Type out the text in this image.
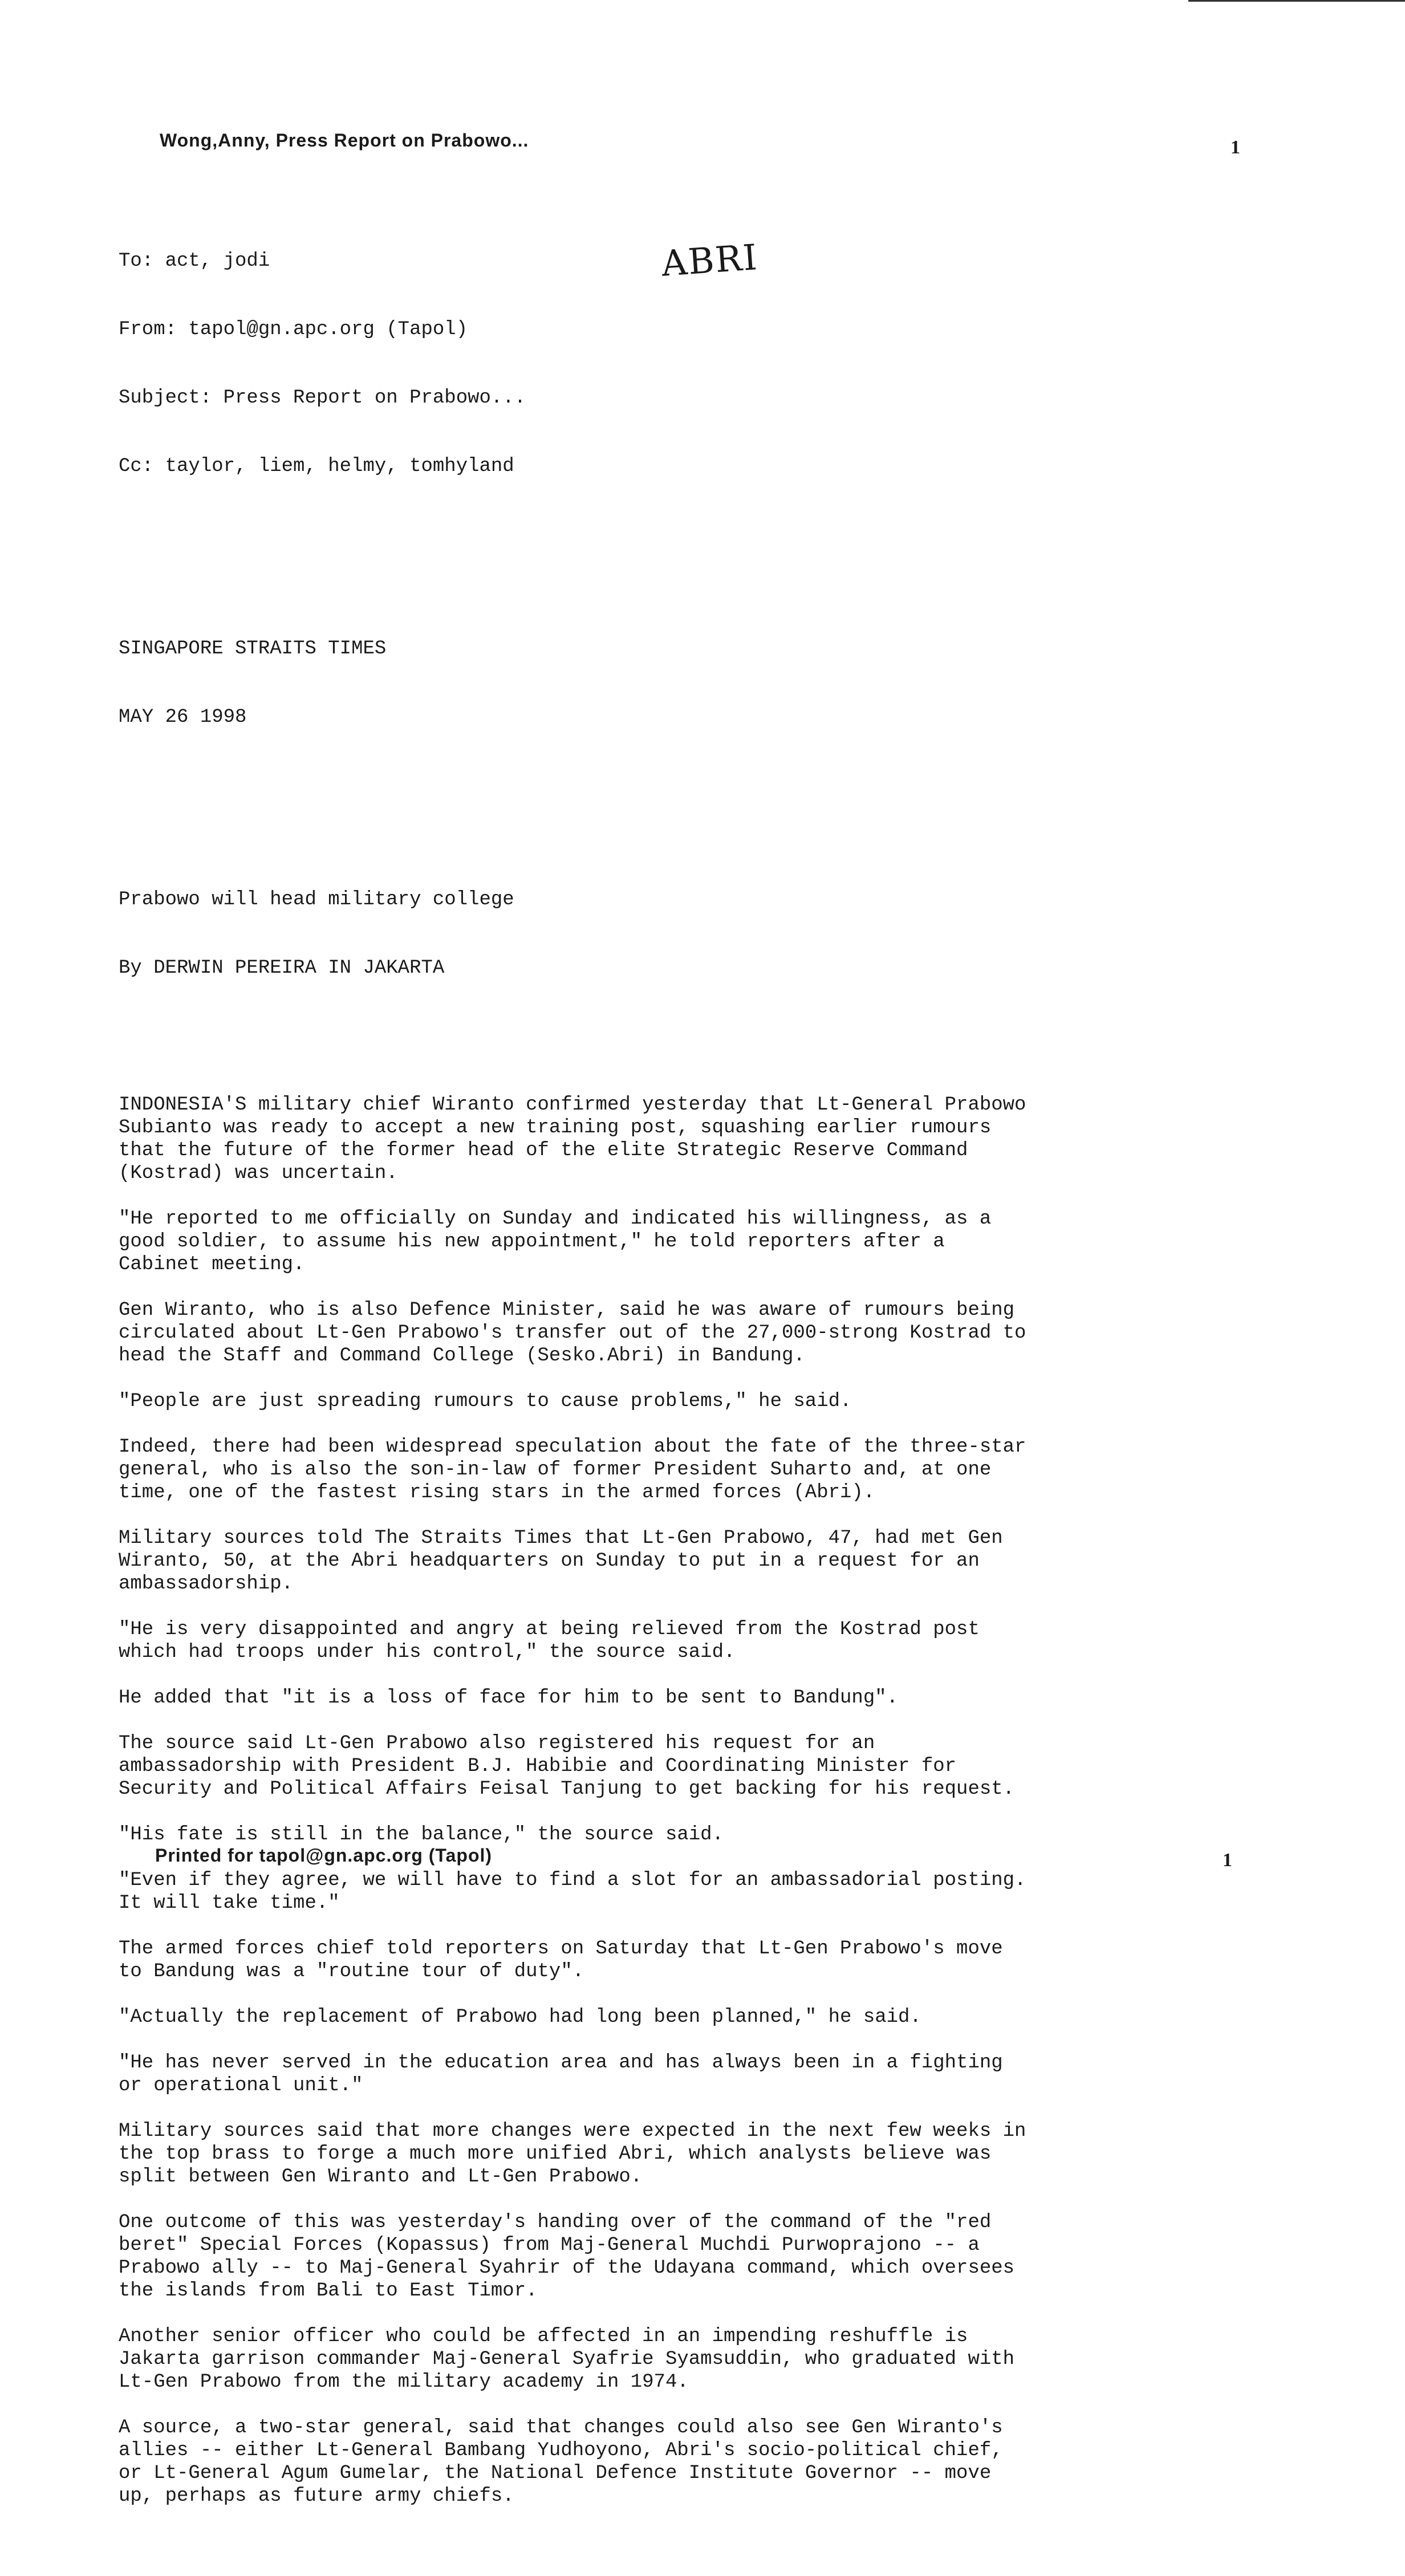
Wong,Anny, Press Report on Prabowo...	1
ABRI

To: act, jodi

From: tapol@gn.apc.org (Tapol)

Subject: Press Report on Prabowo...

Cc: taylor, liem, helmy, tomhyland

SINGAPORE STRAITS TIMES

MAY 26 1998

Prabowo will head military college

By DERWIN PEREIRA IN JAKARTA

INDONESIA'S military chief Wiranto confirmed yesterday that Lt-General Prabowo
Subianto was ready to accept a new training post, squashing earlier rumours
that the future of the former head of the elite Strategic Reserve Command
(Kostrad) was uncertain.
"He reported to me officially on Sunday and indicated his willingness, as a
good soldier, to assume his new appointment," he told reporters after a
Cabinet meeting.
Gen Wiranto, who is also Defence Minister, said he was aware of rumours being
circulated about Lt-Gen Prabowo's transfer out of the 27,000-strong Kostrad to
head the Staff and Command College (Sesko.Abri) in Bandung.
"People are just spreading rumours to cause problems," he said.
Indeed, there had been widespread speculation about the fate of the three-star
general, who is also the son-in-law of former President Suharto and, at one
time, one of the fastest rising stars in the armed forces (Abri).
Military sources told The Straits Times that Lt-Gen Prabowo, 47, had met Gen
Wiranto, 50, at the Abri headquarters on Sunday to put in a request for an
ambassadorship.
"He is very disappointed and angry at being relieved from the Kostrad post
which had troops under his control," the source said.
He added that "it is a loss of face for him to be sent to Bandung".
The source said Lt-Gen Prabowo also registered his request for an
ambassadorship with President B.J. Habibie and Coordinating Minister for
Security and Political Affairs Feisal Tanjung to get backing for his request.
"His fate is still in the balance," the source said.
"Even if they agree, we will have to find a slot for an ambassadorial posting.
It will take time."
The armed forces chief told reporters on Saturday that Lt-Gen Prabowo's move
to Bandung was a "routine tour of duty".
"Actually the replacement of Prabowo had long been planned," he said.
"He has never served in the education area and has always been in a fighting
or operational unit."
Military sources said that more changes were expected in the next few weeks in
the top brass to forge a much more unified Abri, which analysts believe was
split between Gen Wiranto and Lt-Gen Prabowo.
One outcome of this was yesterday's handing over of the command of the "red
beret" Special Forces (Kopassus) from Maj-General Muchdi Purwoprajono -- a
Prabowo ally -- to Maj-General Syahrir of the Udayana command, which oversees
the islands from Bali to East Timor.
Another senior officer who could be affected in an impending reshuffle is
Jakarta garrison commander Maj-General Syafrie Syamsuddin, who graduated with
Lt-Gen Prabowo from the military academy in 1974.
A source, a two-star general, said that changes could also see Gen Wiranto's
allies -- either Lt-General Bambang Yudhoyono, Abri's socio-political chief,
or Lt-General Agum Gumelar, the National Defence Institute Governor -- move
up, perhaps as future army chiefs.

Printed for tapol@gn.apc.org (Tapol)	1
